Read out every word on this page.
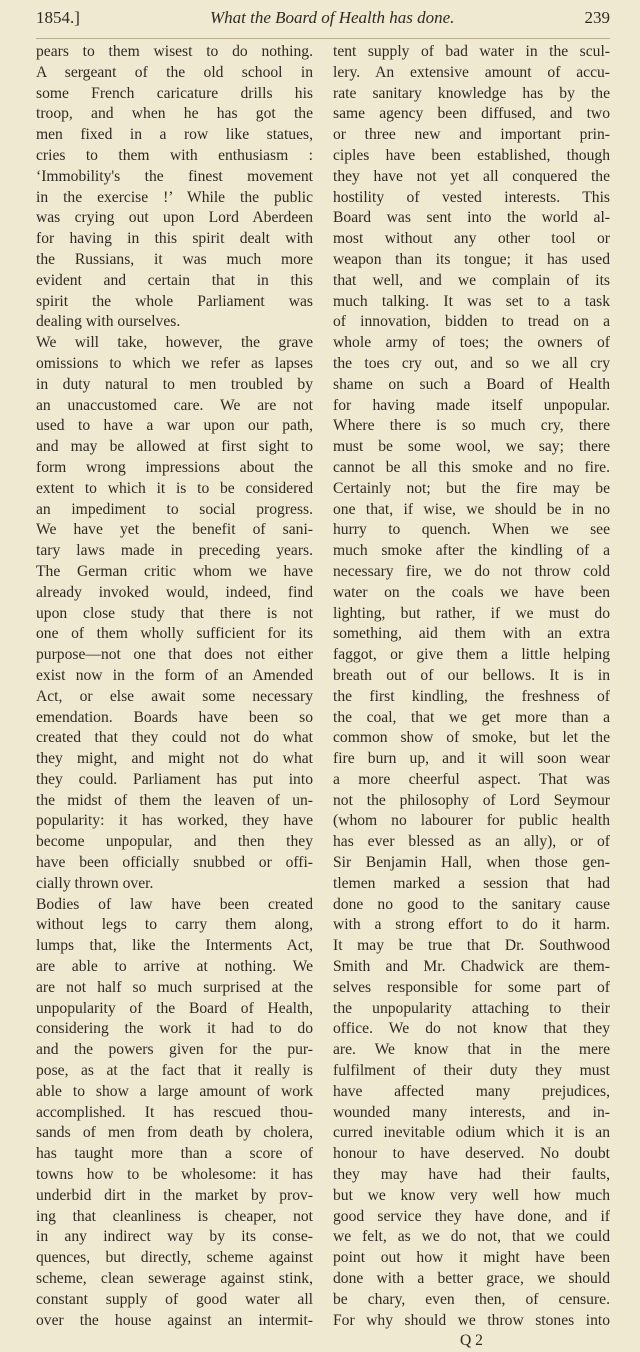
1854.]	What the Board of Health has done.	239
pears to them wisest to do nothing.
A sergeant of the old school in
some French caricature drills his
troop, and when he has got the
men fixed in a row like statues,
cries to them with enthusiasm :
‘Immobility's the finest movement
in the exercise !’ While the public
was crying out upon Lord Aberdeen
for having in this spirit dealt with
the Russians, it was much more
evident and certain that in this
spirit the whole Parliament was
dealing with ourselves.
We will take, however, the grave
omissions to which we refer as lapses
in duty natural to men troubled by
an unaccustomed care. We are not
used to have a war upon our path,
and may be allowed at first sight to
form wrong impressions about the
extent to which it is to be considered
an impediment to social progress.
We have yet the benefit of sani-
tary laws made in preceding years.
The German critic whom we have
already invoked would, indeed, find
upon close study that there is not
one of them wholly sufficient for its
purpose—not one that does not either
exist now in the form of an Amended
Act, or else await some necessary
emendation. Boards have been so
created that they could not do what
they might, and might not do what
they could. Parliament has put into
the midst of them the leaven of un-
popularity: it has worked, they have
become unpopular, and then they
have been officially snubbed or offi-
cially thrown over.
Bodies of law have been created
without legs to carry them along,
lumps that, like the Interments Act,
are able to arrive at nothing. We
are not half so much surprised at the
unpopularity of the Board of Health,
considering the work it had to do
and the powers given for the pur-
pose, as at the fact that it really is
able to show a large amount of work
accomplished. It has rescued thou-
sands of men from death by cholera,
has taught more than a score of
towns how to be wholesome: it has
underbid dirt in the market by prov-
ing that cleanliness is cheaper, not
in any indirect way by its conse-
quences, but directly, scheme against
scheme, clean sewerage against stink,
constant supply of good water all
over the house against an intermit-
tent supply of bad water in the scul-
lery. An extensive amount of accu-
rate sanitary knowledge has by the
same agency been diffused, and two
or three new and important prin-
ciples have been established, though
they have not yet all conquered the
hostility of vested interests. This
Board was sent into the world al-
most without any other tool or
weapon than its tongue; it has used
that well, and we complain of its
much talking. It was set to a task
of innovation, bidden to tread on a
whole army of toes; the owners of
the toes cry out, and so we all cry
shame on such a Board of Health
for having made itself unpopular.
Where there is so much cry, there
must be some wool, we say; there
cannot be all this smoke and no fire.
Certainly not; but the fire may be
one that, if wise, we should be in no
hurry to quench. When we see
much smoke after the kindling of a
necessary fire, we do not throw cold
water on the coals we have been
lighting, but rather, if we must do
something, aid them with an extra
faggot, or give them a little helping
breath out of our bellows. It is in
the first kindling, the freshness of
the coal, that we get more than a
common show of smoke, but let the
fire burn up, and it will soon wear
a more cheerful aspect. That was
not the philosophy of Lord Seymour
(whom no labourer for public health
has ever blessed as an ally), or of
Sir Benjamin Hall, when those gen-
tlemen marked a session that had
done no good to the sanitary cause
with a strong effort to do it harm.
It may be true that Dr. Southwood
Smith and Mr. Chadwick are them-
selves responsible for some part of
the unpopularity attaching to their
office. We do not know that they
are. We know that in the mere
fulfilment of their duty they must
have affected many prejudices,
wounded many interests, and in-
curred inevitable odium which it is an
honour to have deserved. No doubt
they may have had their faults,
but we know very well how much
good service they have done, and if
we felt, as we do not, that we could
point out how it might have been
done with a better grace, we should
be chary, even then, of censure.
For why should we throw stones into
Q 2
